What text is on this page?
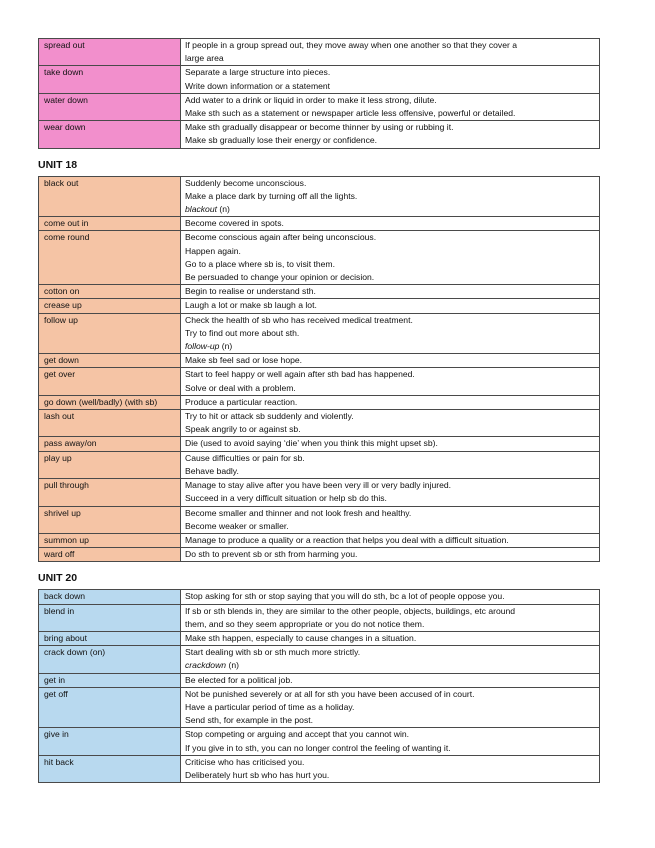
spread out	If people in a group spread out, they move away when one another so that they cover a
large area

take down	Separate a large structure into pieces.
Write down information or a statement

water down	Add water to a drink or liquid in order to make it less strong, dilute.
Make sth such as a statement or newspaper article less offensive, powerful or detailed.

wear down	Make sth gradually disappear or become thinner by using or rubbing it.
Make sb gradually lose their energy or confidence.
UNIT 18
black out	Suddenly become unconscious.
Make a place dark by turning off all the lights.
blackout (n)

come out in	Become covered in spots.

come round	Become conscious again after being unconscious.
Happen again.
Go to a place where sb is, to visit them.
Be persuaded to change your opinion or decision.

cotton on	Begin to realise or understand sth.

crease up	Laugh a lot or make sb laugh a lot.

follow up	Check the health of sb who has received medical treatment.
Try to find out more about sth.
follow-up (n)

get down	Make sb feel sad or lose hope.

get over	Start to feel happy or well again after sth bad has happened.
Solve or deal with a problem.

go down (well/badly) (with sb)	Produce a particular reaction.

lash out	Try to hit or attack sb suddenly and violently.
Speak angrily to or against sb.

pass away/on	Die (used to avoid saying ‘die’ when you think this might upset sb).

play up	Cause difficulties or pain for sb.
Behave badly.

pull through	Manage to stay alive after you have been very ill or very badly injured.
Succeed in a very difficult situation or help sb do this.

shrivel up	Become smaller and thinner and not look fresh and healthy.
Become weaker or smaller.

summon up	Manage to produce a quality or a reaction that helps you deal with a difficult situation.

ward off	Do sth to prevent sb or sth from harming you.
UNIT 20
back down	Stop asking for sth or stop saying that you will do sth, bc a lot of people oppose you.

blend in	If sb or sth blends in, they are similar to the other people, objects, buildings, etc around
them, and so they seem appropriate or you do not notice them.

bring about	Make sth happen, especially to cause changes in a situation.

crack down (on)	Start dealing with sb or sth much more strictly.
crackdown (n)

get in	Be elected for a political job.

get off	Not be punished severely or at all for sth you have been accused of in court.
Have a particular period of time as a holiday.
Send sth, for example in the post.

give in	Stop competing or arguing and accept that you cannot win.
If you give in to sth, you can no longer control the feeling of wanting it.

hit back	Criticise who has criticised you.
Deliberately hurt sb who has hurt you.
